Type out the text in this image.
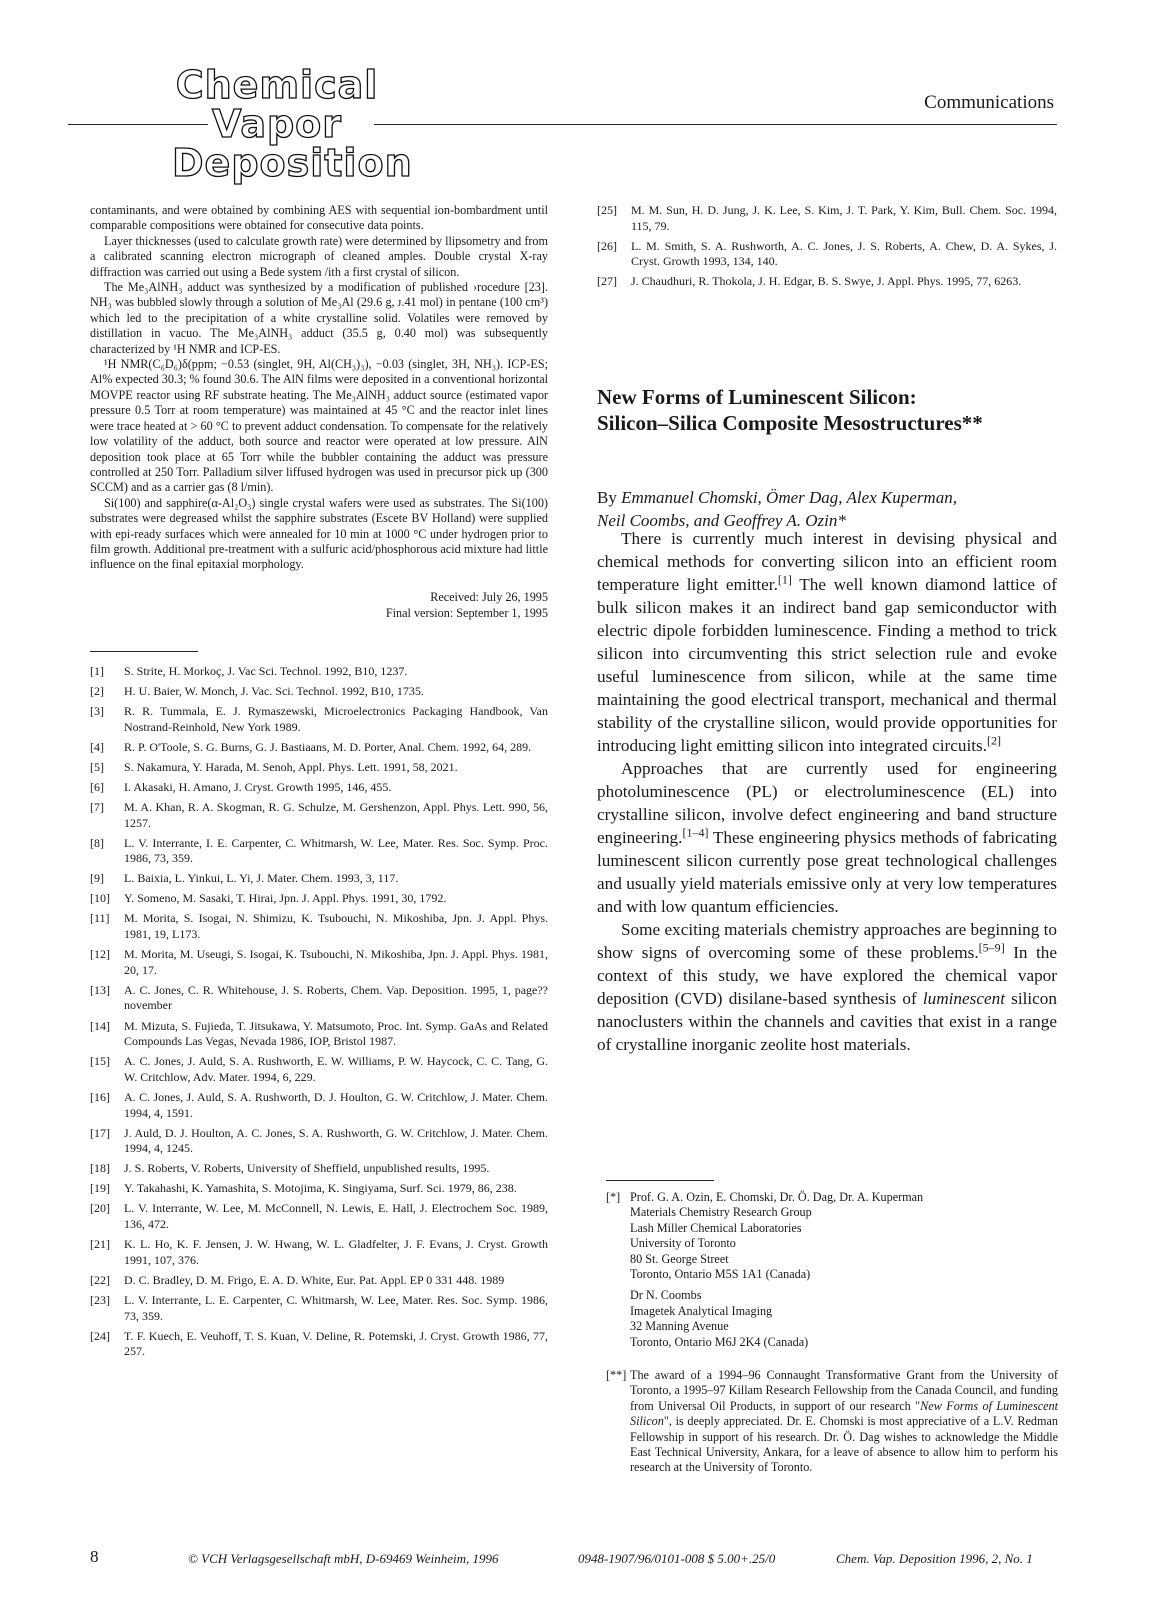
Chemical
Vapor
Deposition
Communications

contaminants, and were obtained by combining AES with sequential ion-bombardment until comparable compositions were obtained for consecutive data points.

Layer thicknesses (used to calculate growth rate) were determined by llipsometry and from a calibrated scanning electron micrograph of cleaned amples. Double crystal X-ray diffraction was carried out using a Bede system /ith a first crystal of silicon.

The Me₃AlNH₃ adduct was synthesized by a modification of published ›rocedure [23]. NH₃ was bubbled slowly through a solution of Me₃Al (29.6 g, ᴊ.41 mol) in pentane (100 cm³) which led to the precipitation of a white crystalline solid. Volatiles were removed by distillation in vacuo. The Me₃AlNH₃ adduct (35.5 g, 0.40 mol) was subsequently characterized by ¹H NMR and ICP-ES.

¹H NMR(C₆D₆)δ(ppm; −0.53 (singlet, 9H, Al(CH₃)₃), −0.03 (singlet, 3H, NH₃). ICP-ES; Al% expected 30.3; % found 30.6. The AlN films were deposited in a conventional horizontal MOVPE reactor using RF substrate heating. The Me₃AlNH₃ adduct source (estimated vapor pressure 0.5 Torr at room temperature) was maintained at 45 °C and the reactor inlet lines were trace heated at > 60 °C to prevent adduct condensation. To compensate for the relatively low volatility of the adduct, both source and reactor were operated at low pressure. AlN deposition took place at 65 Torr while the bubbler containing the adduct was pressure controlled at 250 Torr. Palladium silver liffused hydrogen was used in precursor pick up (300 SCCM) and as a carrier gas (8 l/min).

Si(100) and sapphire(α-Al₂O₃) single crystal wafers were used as substrates. The Si(100) substrates were degreased whilst the sapphire substrates (Escete BV Holland) were supplied with epi-ready surfaces which were annealed for 10 min at 1000 °C under hydrogen prior to film growth. Additional pre-treatment with a sulfuric acid/phosphorous acid mixture had little influence on the final epitaxial morphology.

Received: July 26, 1995
Final version: September 1, 1995
[1] S. Strite, H. Morkoç, J. Vac Sci. Technol. 1992, B10, 1237.
[2] H. U. Baier, W. Monch, J. Vac. Sci. Technol. 1992, B10, 1735.
[3] R. R. Tummala, E. J. Rymaszewski, Microelectronics Packaging Handbook, Van Nostrand-Reinhold, New York 1989.
[4] R. P. O'Toole, S. G. Burns, G. J. Bastiaans, M. D. Porter, Anal. Chem. 1992, 64, 289.
[5] S. Nakamura, Y. Harada, M. Senoh, Appl. Phys. Lett. 1991, 58, 2021.
[6] I. Akasaki, H. Amano, J. Cryst. Growth 1995, 146, 455.
[7] M. A. Khan, R. A. Skogman, R. G. Schulze, M. Gershenzon, Appl. Phys. Lett. 990, 56, 1257.
[8] L. V. Interrante, I. E. Carpenter, C. Whitmarsh, W. Lee, Mater. Res. Soc. Symp. Proc. 1986, 73, 359.
[9] L. Baixia, L. Yinkui, L. Yi, J. Mater. Chem. 1993, 3, 117.
[10] Y. Someno, M. Sasaki, T. Hirai, Jpn. J. Appl. Phys. 1991, 30, 1792.
[11] M. Morita, S. Isogai, N. Shimizu, K. Tsubouchi, N. Mikoshiba, Jpn. J. Appl. Phys. 1981, 19, L173.
[12] M. Morita, M. Useugi, S. Isogai, K. Tsubouchi, N. Mikoshiba, Jpn. J. Appl. Phys. 1981, 20, 17.
[13] A. C. Jones, C. R. Whitehouse, J. S. Roberts, Chem. Vap. Deposition. 1995, 1, page?? november
[14] M. Mizuta, S. Fujieda, T. Jitsukawa, Y. Matsumoto, Proc. Int. Symp. GaAs and Related Compounds Las Vegas, Nevada 1986, IOP, Bristol 1987.
[15] A. C. Jones, J. Auld, S. A. Rushworth, E. W. Williams, P. W. Haycock, C. C. Tang, G. W. Critchlow, Adv. Mater. 1994, 6, 229.
[16] A. C. Jones, J. Auld, S. A. Rushworth, D. J. Houlton, G. W. Critchlow, J. Mater. Chem. 1994, 4, 1591.
[17] J. Auld, D. J. Houlton, A. C. Jones, S. A. Rushworth, G. W. Critchlow, J. Mater. Chem. 1994, 4, 1245.
[18] J. S. Roberts, V. Roberts, University of Sheffield, unpublished results, 1995.
[19] Y. Takahashi, K. Yamashita, S. Motojima, K. Singiyama, Surf. Sci. 1979, 86, 238.
[20] L. V. Interrante, W. Lee, M. McConnell, N. Lewis, E. Hall, J. Electrochem Soc. 1989, 136, 472.
[21] K. L. Ho, K. F. Jensen, J. W. Hwang, W. L. Gladfelter, J. F. Evans, J. Cryst. Growth 1991, 107, 376.
[22] D. C. Bradley, D. M. Frigo, E. A. D. White, Eur. Pat. Appl. EP 0 331 448. 1989
[23] L. V. Interrante, L. E. Carpenter, C. Whitmarsh, W. Lee, Mater. Res. Soc. Symp. 1986, 73, 359.
[24] T. F. Kuech, E. Veuhoff, T. S. Kuan, V. Deline, R. Potemski, J. Cryst. Growth 1986, 77, 257.
[25] M. M. Sun, H. D. Jung, J. K. Lee, S. Kim, J. T. Park, Y. Kim, Bull. Chem. Soc. 1994, 115, 79.
[26] L. M. Smith, S. A. Rushworth, A. C. Jones, J. S. Roberts, A. Chew, D. A. Sykes, J. Cryst. Growth 1993, 134, 140.
[27] J. Chaudhuri, R. Thokola, J. H. Edgar, B. S. Swye, J. Appl. Phys. 1995, 77, 6263.
New Forms of Luminescent Silicon:
Silicon–Silica Composite Mesostructures**
By Emmanuel Chomski, Ömer Dag, Alex Kuperman,
Neil Coombs, and Geoffrey A. Ozin*

There is currently much interest in devising physical and chemical methods for converting silicon into an efficient room temperature light emitter.[1] The well known diamond lattice of bulk silicon makes it an indirect band gap semiconductor with electric dipole forbidden luminescence. Finding a method to trick silicon into circumventing this strict selection rule and evoke useful luminescence from silicon, while at the same time maintaining the good electrical transport, mechanical and thermal stability of the crystalline silicon, would provide opportunities for introducing light emitting silicon into integrated circuits.[2]

Approaches that are currently used for engineering photoluminescence (PL) or electroluminescence (EL) into crystalline silicon, involve defect engineering and band structure engineering.[1–4] These engineering physics methods of fabricating luminescent silicon currently pose great technological challenges and usually yield materials emissive only at very low temperatures and with low quantum efficiencies.

Some exciting materials chemistry approaches are beginning to show signs of overcoming some of these problems.[5–9] In the context of this study, we have explored the chemical vapor deposition (CVD) disilane-based synthesis of luminescent silicon nanoclusters within the channels and cavities that exist in a range of crystalline inorganic zeolite host materials.

[*] Prof. G. A. Ozin, E. Chomski, Dr. Ö. Dag, Dr. A. Kuperman
Materials Chemistry Research Group
Lash Miller Chemical Laboratories
University of Toronto
80 St. George Street
Toronto, Ontario M5S 1A1 (Canada)
Dr N. Coombs
Imagetek Analytical Imaging
32 Manning Avenue
Toronto, Ontario M6J 2K4 (Canada)
[**] The award of a 1994–96 Connaught Transformative Grant from the University of Toronto, a 1995–97 Killam Research Fellowship from the Canada Council, and funding from Universal Oil Products, in support of our research "New Forms of Luminescent Silicon", is deeply appreciated. Dr. E. Chomski is most appreciative of a L.V. Redman Fellowship in support of his research. Dr. Ö. Dag wishes to acknowledge the Middle East Technical University, Ankara, for a leave of absence to allow him to perform his research at the University of Toronto.
8	© VCH Verlagsgesellschaft mbH, D-69469 Weinheim, 1996	0948-1907/96/0101-008 $ 5.00+.25/0	Chem. Vap. Deposition 1996, 2, No. 1
